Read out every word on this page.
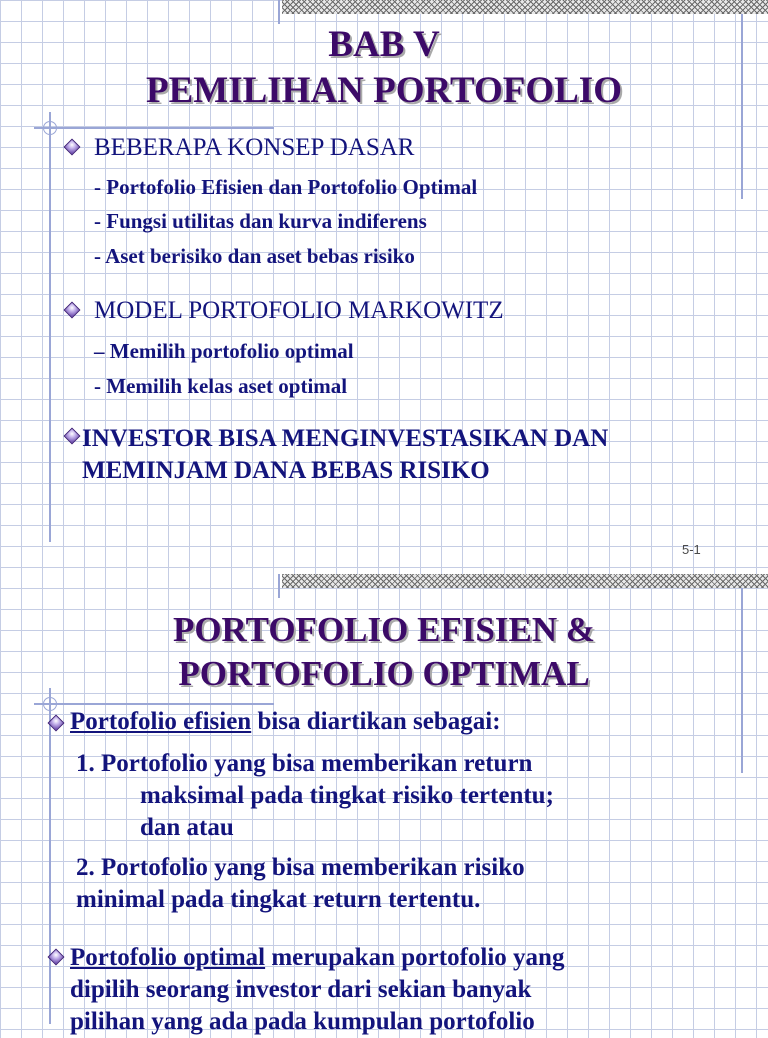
BAB V
PEMILIHAN PORTOFOLIO
BEBERAPA KONSEP DASAR
- Portofolio Efisien dan Portofolio Optimal
- Fungsi utilitas dan kurva indiferens
- Aset berisiko dan aset bebas risiko
MODEL PORTOFOLIO MARKOWITZ
– Memilih portofolio optimal
- Memilih kelas aset optimal
INVESTOR BISA MENGINVESTASIKAN DAN
MEMINJAM DANA BEBAS RISIKO
5-1
PORTOFOLIO EFISIEN &
PORTOFOLIO OPTIMAL
Portofolio efisien bisa diartikan sebagai:
1. Portofolio yang bisa memberikan return
maksimal pada tingkat risiko tertentu;
dan atau
2. Portofolio yang bisa memberikan risiko
minimal pada tingkat return tertentu.
Portofolio optimal merupakan portofolio yang
dipilih seorang investor dari sekian banyak
pilihan yang ada pada kumpulan portofolio
